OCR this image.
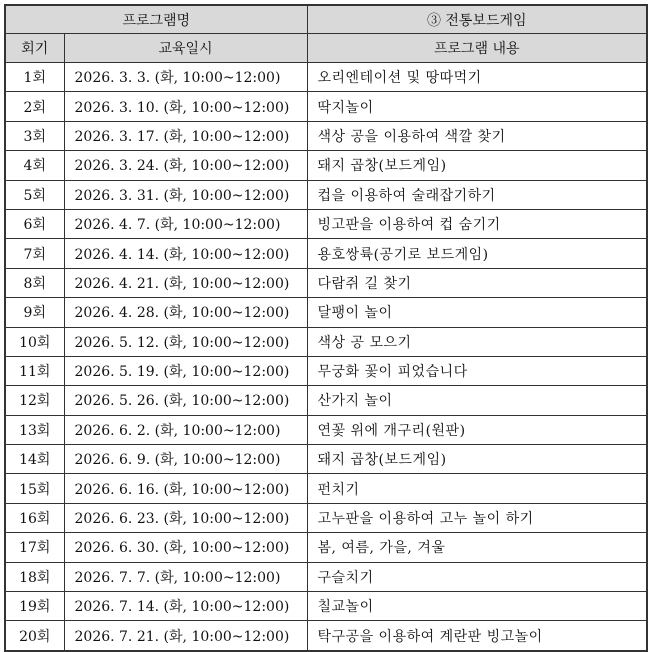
프로그램명		③ 전통보드게임
회기	교육일시	프로그램 내용
1회	2026. 3. 3. (화, 10:00~12:00)	오리엔테이션 및 땅따먹기
2회	2026. 3. 10. (화, 10:00~12:00)	딱지놀이
3회	2026. 3. 17. (화, 10:00~12:00)	색상 공을 이용하여 색깔 찾기
4회	2026. 3. 24. (화, 10:00~12:00)	돼지 곱창(보드게임)
5회	2026. 3. 31. (화, 10:00~12:00)	컵을 이용하여 술래잡기하기
6회	2026. 4. 7. (화, 10:00~12:00)	빙고판을 이용하여 컵 숨기기
7회	2026. 4. 14. (화, 10:00~12:00)	용호쌍륙(공기로 보드게임)
8회	2026. 4. 21. (화, 10:00~12:00)	다람쥐 길 찾기
9회	2026. 4. 28. (화, 10:00~12:00)	달팽이 놀이
10회	2026. 5. 12. (화, 10:00~12:00)	색상 공 모으기
11회	2026. 5. 19. (화, 10:00~12:00)	무궁화 꽃이 피었습니다
12회	2026. 5. 26. (화, 10:00~12:00)	산가지 놀이
13회	2026. 6. 2. (화, 10:00~12:00)	연꽃 위에 개구리(원판)
14회	2026. 6. 9. (화, 10:00~12:00)	돼지 곱창(보드게임)
15회	2026. 6. 16. (화, 10:00~12:00)	펀치기
16회	2026. 6. 23. (화, 10:00~12:00)	고누판을 이용하여 고누 놀이 하기
17회	2026. 6. 30. (화, 10:00~12:00)	봄, 여름, 가을, 겨울
18회	2026. 7. 7. (화, 10:00~12:00)	구슬치기
19회	2026. 7. 14. (화, 10:00~12:00)	칠교놀이
20회	2026. 7. 21. (화, 10:00~12:00)	탁구공을 이용하여 계란판 빙고놀이
